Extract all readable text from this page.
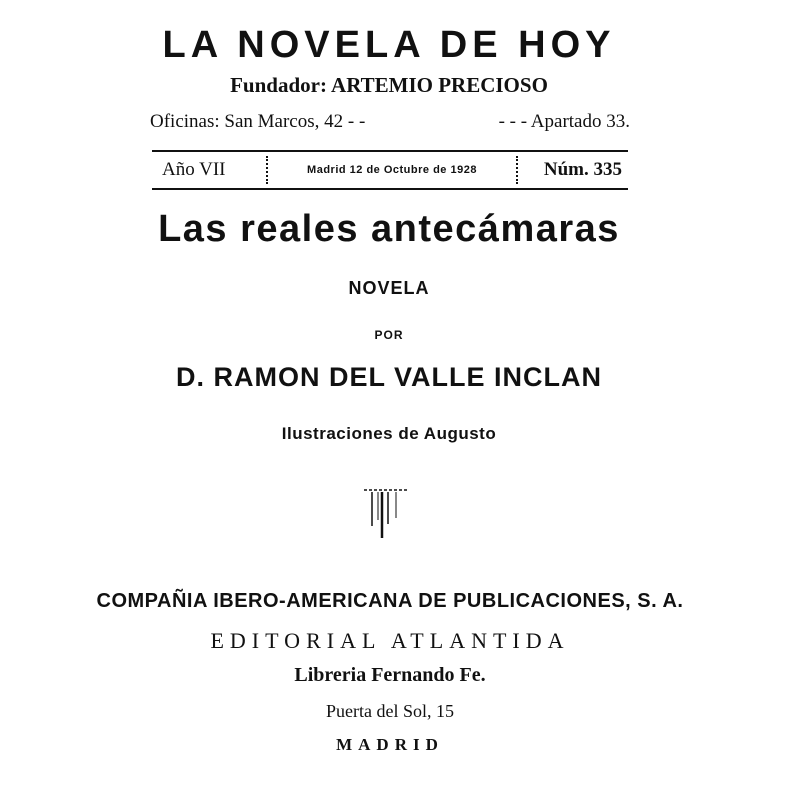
LA NOVELA DE HOY
Fundador: ARTEMIO PRECIOSO
Oficinas: San Marcos, 42 - -	- - - Apartado 33.
Año VII	Madrid 12 de Octubre de 1928	Núm. 335
Las reales antecámaras
NOVELA
POR
D. RAMON DEL VALLE INCLAN
Ilustraciones de Augusto
COMPAÑIA IBERO-AMERICANA DE PUBLICACIONES, S. A.
EDITORIAL ATLANTIDA
Libreria Fernando Fe.
Puerta del Sol, 15
MADRID
